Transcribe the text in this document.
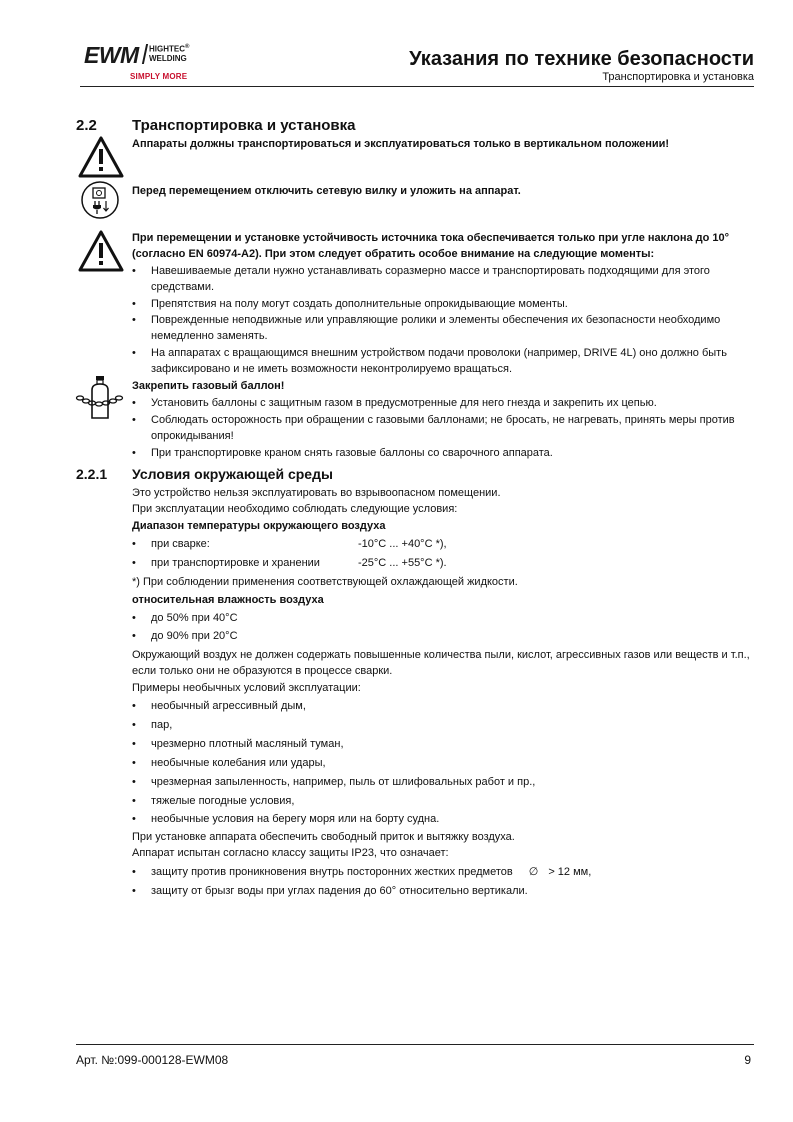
EWM HIGHTEC®
WELDING
SIMPLY MORE
Указания по технике безопасности
Транспортировка и установка
2.2 Транспортировка и установка
Аппараты должны транспортироваться и эксплуатироваться только в вертикальном положении!
Перед перемещением отключить сетевую вилку и уложить на аппарат.
При перемещении и установке устойчивость источника тока обеспечивается только при угле наклона до 10°
(согласно EN 60974-A2). При этом следует обратить особое внимание на следующие моменты:
• Навешиваемые детали нужно устанавливать соразмерно массе и транспортировать подходящими для этого
средствами.
• Препятствия на полу могут создать дополнительные опрокидывающие моменты.
• Поврежденные неподвижные или управляющие ролики и элементы обеспечения их безопасности необходимо
немедленно заменять.
• На аппаратах с вращающимся внешним устройством подачи проволоки (например, DRIVE 4L) оно должно быть
зафиксировано и не иметь возможности неконтролируемо вращаться.
Закрепить газовый баллон!
• Установить баллоны с защитным газом в предусмотренные для него гнезда и закрепить их цепью.
• Соблюдать осторожность при обращении с газовыми баллонами; не бросать, не нагревать, принять меры против
опрокидывания!
• При транспортировке краном снять газовые баллоны со сварочного аппарата.
2.2.1 Условия окружающей среды
Это устройство нельзя эксплуатировать во взрывоопасном помещении.
При эксплуатации необходимо соблюдать следующие условия:
Диапазон температуры окружающего воздуха
• при сварке:	-10°C ... +40°C *),
• при транспортировке и хранении	-25°C ... +55°C *).
*) При соблюдении применения соответствующей охлаждающей жидкости.
относительная влажность воздуха
• до 50% при 40°C
• до 90% при 20°C
Окружающий воздух не должен содержать повышенные количества пыли, кислот, агрессивных газов или веществ и т.п.,
если только они не образуются в процессе сварки.
Примеры необычных условий эксплуатации:
• необычный агрессивный дым,
• пар,
• чрезмерно плотный масляный туман,
• необычные колебания или удары,
• чрезмерная запыленность, например, пыль от шлифовальных работ и пр.,
• тяжелые погодные условия,
• необычные условия на берегу моря или на борту судна.
При установке аппарата обеспечить свободный приток и вытяжку воздуха.
Аппарат испытан согласно классу защиты IP23, что означает:
• защиту против проникновения внутрь посторонних жестких предметов ∅ > 12 мм,
• защиту от брызг воды при углах падения до 60° относительно вертикали.
Арт. №:099-000128-EWM08	9
